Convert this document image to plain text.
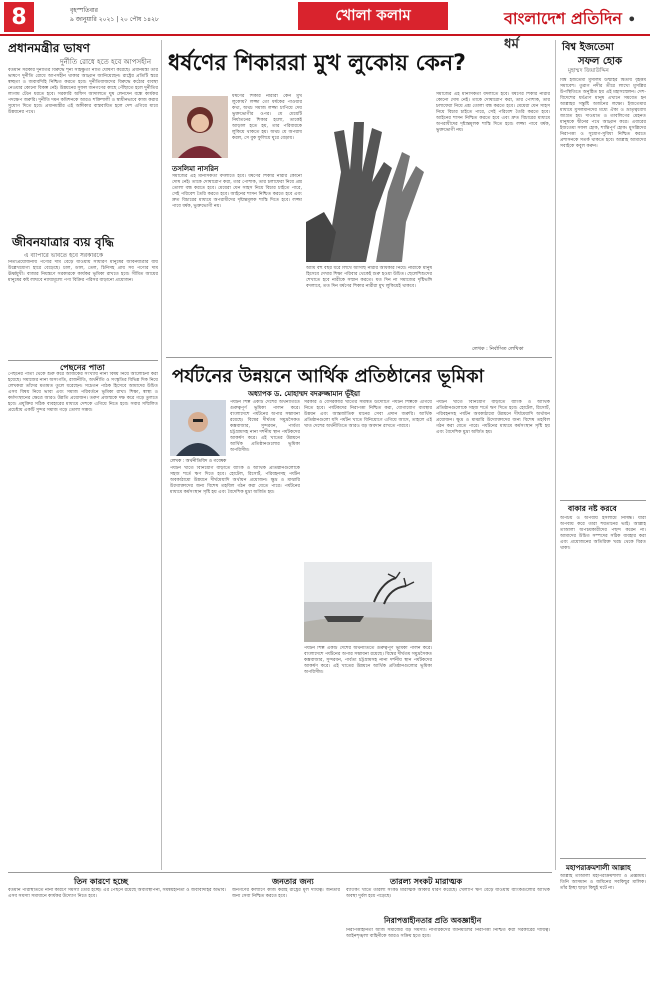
8	বৃহস্পতিবার
৯ জানুয়ারি ২০২১ | ২০ পৌষ ১৪২৮	খোলা কলাম	বাংলাদেশ প্রতিদিন • ধর্ম
প্রধানমন্ত্রীর ভাষণ
দুর্নীতি রোধে হতে হবে আপসহীন
বর্তমান সরকার দুর্নীতির বিরুদ্ধে শূন্য সহিষ্ণুতা নীতি ঘোষণা করেছে। প্রধানমন্ত্রী তাঁর ভাষণে দুর্নীতি রোধে আপসহীন থাকার আহ্বান জানিয়েছেন। রাষ্ট্রের প্রতিটি স্তরে স্বচ্ছতা ও জবাবদিহি নিশ্চিত করতে হবে। দুর্নীতিবাজদের বিরুদ্ধে কঠোর ব্যবস্থা নেওয়ার কোনো বিকল্প নেই। উন্নয়নের সুফল জনগণের কাছে পৌঁছাতে হলে দুর্নীতির লাগাম টেনে ধরতে হবে। সরকারি অফিস আদালতে ঘুষ লেনদেন বন্ধে কার্যকর পদক্ষেপ জরুরি। দুর্নীতি দমন কমিশনকে আরও শক্তিশালী ও স্বাধীনভাবে কাজ করার সুযোগ দিতে হবে। প্রধানমন্ত্রীর এই অঙ্গীকার বাস্তবায়িত হলে দেশ এগিয়ে যাবে উন্নয়নের পথে।
জীবনযাত্রার ব্যয় বৃদ্ধি
এ ব্যাপারে ভাবতে হবে সরকারকে
নিত্যপ্রয়োজনীয় পণ্যের দাম বেড়ে যাওয়ায় সাধারণ মানুষের জীবনযাত্রার ব্যয় উল্লেখযোগ্য হারে বেড়েছে। চাল, ডাল, তেল, চিনিসহ প্রায় সব পণ্যের দাম ঊর্ধ্বমুখী। বাজার নিয়ন্ত্রণে সরকারকে কার্যকর ভূমিকা রাখতে হবে। সীমিত আয়ের মানুষের কষ্ট লাঘবে ন্যায্যমূল্যে পণ্য বিক্রির পরিসর বাড়ানো প্রয়োজন।
পেছনের পাতা
পেছনের পাতা থেকে শুরু করে আজকের সংখ্যায় নানা বিষয় নিয়ে আলোচনা করা হয়েছে। সমাজের নানা অসংগতি, রাজনীতি, অর্থনীতি ও সংস্কৃতির বিভিন্ন দিক নিয়ে লেখকরা তাঁদের মতামত তুলে ধরেছেন। সচেতন পাঠক হিসেবে আমাদের উচিত এসব বিষয় নিয়ে ভাবা এবং সমাজ পরিবর্তনে ভূমিকা রাখা। শিক্ষা, স্বাস্থ্য ও কর্মসংস্থানের ক্ষেত্রে আরও উন্নতি প্রয়োজন। তরুণ প্রজন্মকে দক্ষ করে গড়ে তুলতে হবে। প্রযুক্তির সঠিক ব্যবহারের মাধ্যমে দেশকে এগিয়ে নিতে হবে। সবার সম্মিলিত প্রচেষ্টায় একটি সুন্দর সমাজ গড়ে তোলা সম্ভব।
ধর্ষণের শিকাররা মুখ লুকোয় কেন?
তসলিমা নাসরিন
ধর্ষণের শিকার নারীরা কেন মুখ লুকোয়? লজ্জা তো ধর্ষকের পাওয়ার কথা, অথচ সমাজ লজ্জা চাপিয়ে দেয় ভুক্তভোগীর ওপর। যে মেয়েটি নির্যাতনের শিকার হলো, তাকেই আড়াল হতে হয়, তার পরিবারকে লুকিয়ে থাকতে হয়। অথচ যে অপরাধ করল, সে বুক ফুলিয়ে ঘুরে বেড়ায়।
সমাজের এই মানসিকতা বদলাতে হবে। ধর্ষণের শিকার নারীর কোনো দোষ নেই। তাকে দোষারোপ করা, তার পোশাক, তার চলাফেরা নিয়ে প্রশ্ন তোলা বন্ধ করতে হবে। মেয়েরা যেন সাহস নিয়ে বিচার চাইতে পারে, সেই পরিবেশ তৈরি করতে হবে। আইনের শাসন নিশ্চিত করতে হবে এবং দ্রুত বিচারের মাধ্যমে অপরাধীদের দৃষ্টান্তমূলক শাস্তি দিতে হবে। লজ্জা পাবে ধর্ষক, ভুক্তভোগী নয়।
আমি বহু বছর ধরে লিখে আসছি নারীর অধিকার নিয়ে। নারীকে মানুষ হিসেবে দেখার শিক্ষা পরিবার থেকেই শুরু হওয়া উচিত। ছেলেশিশুদের শেখাতে হবে নারীকে সম্মান করতে। যত দিন না সমাজের দৃষ্টিভঙ্গি বদলাবে, তত দিন ধর্ষণের শিকার নারীরা মুখ লুকিয়েই থাকবে।
সমাজের এই মানসিকতা বদলাতে হবে। ধর্ষণের শিকার নারীর কোনো দোষ নেই। তাকে দোষারোপ করা, তার পোশাক, তার চলাফেরা নিয়ে প্রশ্ন তোলা বন্ধ করতে হবে। মেয়েরা যেন সাহস নিয়ে বিচার চাইতে পারে, সেই পরিবেশ তৈরি করতে হবে। আইনের শাসন নিশ্চিত করতে হবে এবং দ্রুত বিচারের মাধ্যমে অপরাধীদের দৃষ্টান্তমূলক শাস্তি দিতে হবে। লজ্জা পাবে ধর্ষক, ভুক্তভোগী নয়।
লেখক : নির্বাসিত লেখিকা
পর্যটনের উন্নয়নে আর্থিক প্রতিষ্ঠানের ভূমিকা
অধ্যাপক ড. মোহাম্মদ বদরুজ্জামান ভূঁইয়া
লেখক : অর্থনীতিবিদ ও গবেষক
পর্যটন শিল্প একটি দেশের অর্থনীতিতে গুরুত্বপূর্ণ ভূমিকা পালন করে। বাংলাদেশে পর্যটনের অপার সম্ভাবনা রয়েছে। বিশ্বের দীর্ঘতম সমুদ্রসৈকত কক্সবাজার, সুন্দরবন, পার্বত্য চট্টগ্রামসহ নানা দর্শনীয় স্থান পর্যটকদের আকর্ষণ করে। এই খাতের উন্নয়নে আর্থিক প্রতিষ্ঠানগুলোর ভূমিকা অপরিসীম।
পর্যটন খাতে বিনিয়োগ বাড়াতে ব্যাংক ও আর্থিক প্রতিষ্ঠানগুলোকে সহজ শর্তে ঋণ দিতে হবে। হোটেল, রিসোর্ট, পরিবহনসহ পর্যটন অবকাঠামো উন্নয়নে দীর্ঘমেয়াদি অর্থায়ন প্রয়োজন। ক্ষুদ্র ও মাঝারি উদ্যোক্তাদের জন্য বিশেষ তহবিল গঠন করা যেতে পারে। পর্যটনের মাধ্যমে কর্মসংস্থান সৃষ্টি হয় এবং বৈদেশিক মুদ্রা অর্জিত হয়।
সরকার ও বেসরকারি খাতের সমন্বিত উদ্যোগে পর্যটন শিল্পকে এগিয়ে নিতে হবে। পর্যটকদের নিরাপত্তা নিশ্চিত করা, যোগাযোগ ব্যবস্থার উন্নয়ন এবং আন্তর্জাতিক মানের সেবা প্রদান জরুরি। আর্থিক প্রতিষ্ঠানগুলো যদি পর্যটন খাতে বিনিয়োগে এগিয়ে আসে, তাহলে এই খাত দেশের অর্থনীতিতে আরও বড় অবদান রাখতে পারবে।
পর্যটন শিল্প একটি দেশের অর্থনীতিতে গুরুত্বপূর্ণ ভূমিকা পালন করে। বাংলাদেশে পর্যটনের অপার সম্ভাবনা রয়েছে। বিশ্বের দীর্ঘতম সমুদ্রসৈকত কক্সবাজার, সুন্দরবন, পার্বত্য চট্টগ্রামসহ নানা দর্শনীয় স্থান পর্যটকদের আকর্ষণ করে। এই খাতের উন্নয়নে আর্থিক প্রতিষ্ঠানগুলোর ভূমিকা অপরিসীম।
পর্যটন খাতে বিনিয়োগ বাড়াতে ব্যাংক ও আর্থিক প্রতিষ্ঠানগুলোকে সহজ শর্তে ঋণ দিতে হবে। হোটেল, রিসোর্ট, পরিবহনসহ পর্যটন অবকাঠামো উন্নয়নে দীর্ঘমেয়াদি অর্থায়ন প্রয়োজন। ক্ষুদ্র ও মাঝারি উদ্যোক্তাদের জন্য বিশেষ তহবিল গঠন করা যেতে পারে। পর্যটনের মাধ্যমে কর্মসংস্থান সৃষ্টি হয় এবং বৈদেশিক মুদ্রা অর্জিত হয়।
বিশ্ব ইজতেমা
সফল হোক
মুহাম্মদ জিয়াউদ্দিন
বিশ্ব ইজতেমা মুসলিম উম্মাহর দ্বিতীয় বৃহত্তম সমাবেশ। তুরাগ নদীর তীরে লাখো মুসল্লির উপস্থিতিতে অনুষ্ঠিত হয় এই মহাসম্মেলন। দেশ-বিদেশের ধর্মপ্রাণ মানুষ এখানে সমবেত হন আল্লাহর সন্তুষ্টি অর্জনের লক্ষ্যে। ইজতেমার মাধ্যমে মুসলমানদের মধ্যে ঐক্য ও ভ্রাতৃত্ববোধ জাগ্রত হয়। দাওয়াত ও তাবলিগের মেহনত মানুষকে দ্বীনের পথে আহ্বান করে। এবারের ইজতেমা সফল হোক, শান্তিপূর্ণ হোক। মুসল্লিদের নিরাপত্তা ও সুযোগ-সুবিধা নিশ্চিত করতে প্রশাসনকে সতর্ক থাকতে হবে। আল্লাহ আমাদের সবাইকে কবুল করুন।
বাকার নষ্ট করবে
অপচয় ও অপব্যয় ইসলামে নিষিদ্ধ। যারা অপব্যয় করে তারা শয়তানের ভাই। আল্লাহ তাআলা অপচয়কারীদের পছন্দ করেন না। আমাদের উচিত সম্পদের সঠিক ব্যবহার করা এবং প্রয়োজনের অতিরিক্ত খরচ থেকে বিরত থাকা।
মহাপরাক্রমশালী আল্লাহ
আল্লাহ তাআলা মহাপরাক্রমশালী ও প্রজ্ঞাময়। তিনি আসমান ও জমিনের সবকিছুর মালিক। তাঁর ইচ্ছা ছাড়া কিছুই ঘটে না।
তিন কারণে হচ্ছে
বর্তমান পরিস্থিতিতে নানা কারণে সমস্যা তৈরি হচ্ছে। এর পেছনে রয়েছে অব্যবস্থাপনা, সমন্বয়হীনতা ও জবাবদিহির অভাব। এসব সমস্যা সমাধানে কার্যকর উদ্যোগ নিতে হবে।
জনতার জন্য
জনগণের কল্যাণে কাজ করাই রাষ্ট্রের মূল দায়িত্ব। জনতার জন্য সেবা নিশ্চিত করতে হবে।
তারল্য সংকট মারাত্মক
ব্যাংকিং খাতে তারল্য সংকট মারাত্মক আকার ধারণ করেছে। খেলাপি ঋণ বেড়ে যাওয়ায় ব্যাংকগুলোর আর্থিক অবস্থা দুর্বল হয়ে পড়েছে।
নিরাপত্তাহীনতার প্রতি অবজ্ঞাহীন
নিরাপত্তাহীনতা আজ সমাজের বড় সমস্যা। নাগরিকদের জানমালের নিরাপত্তা নিশ্চিত করা সরকারের দায়িত্ব। আইনশৃঙ্খলা বাহিনীকে আরও সক্রিয় হতে হবে।
